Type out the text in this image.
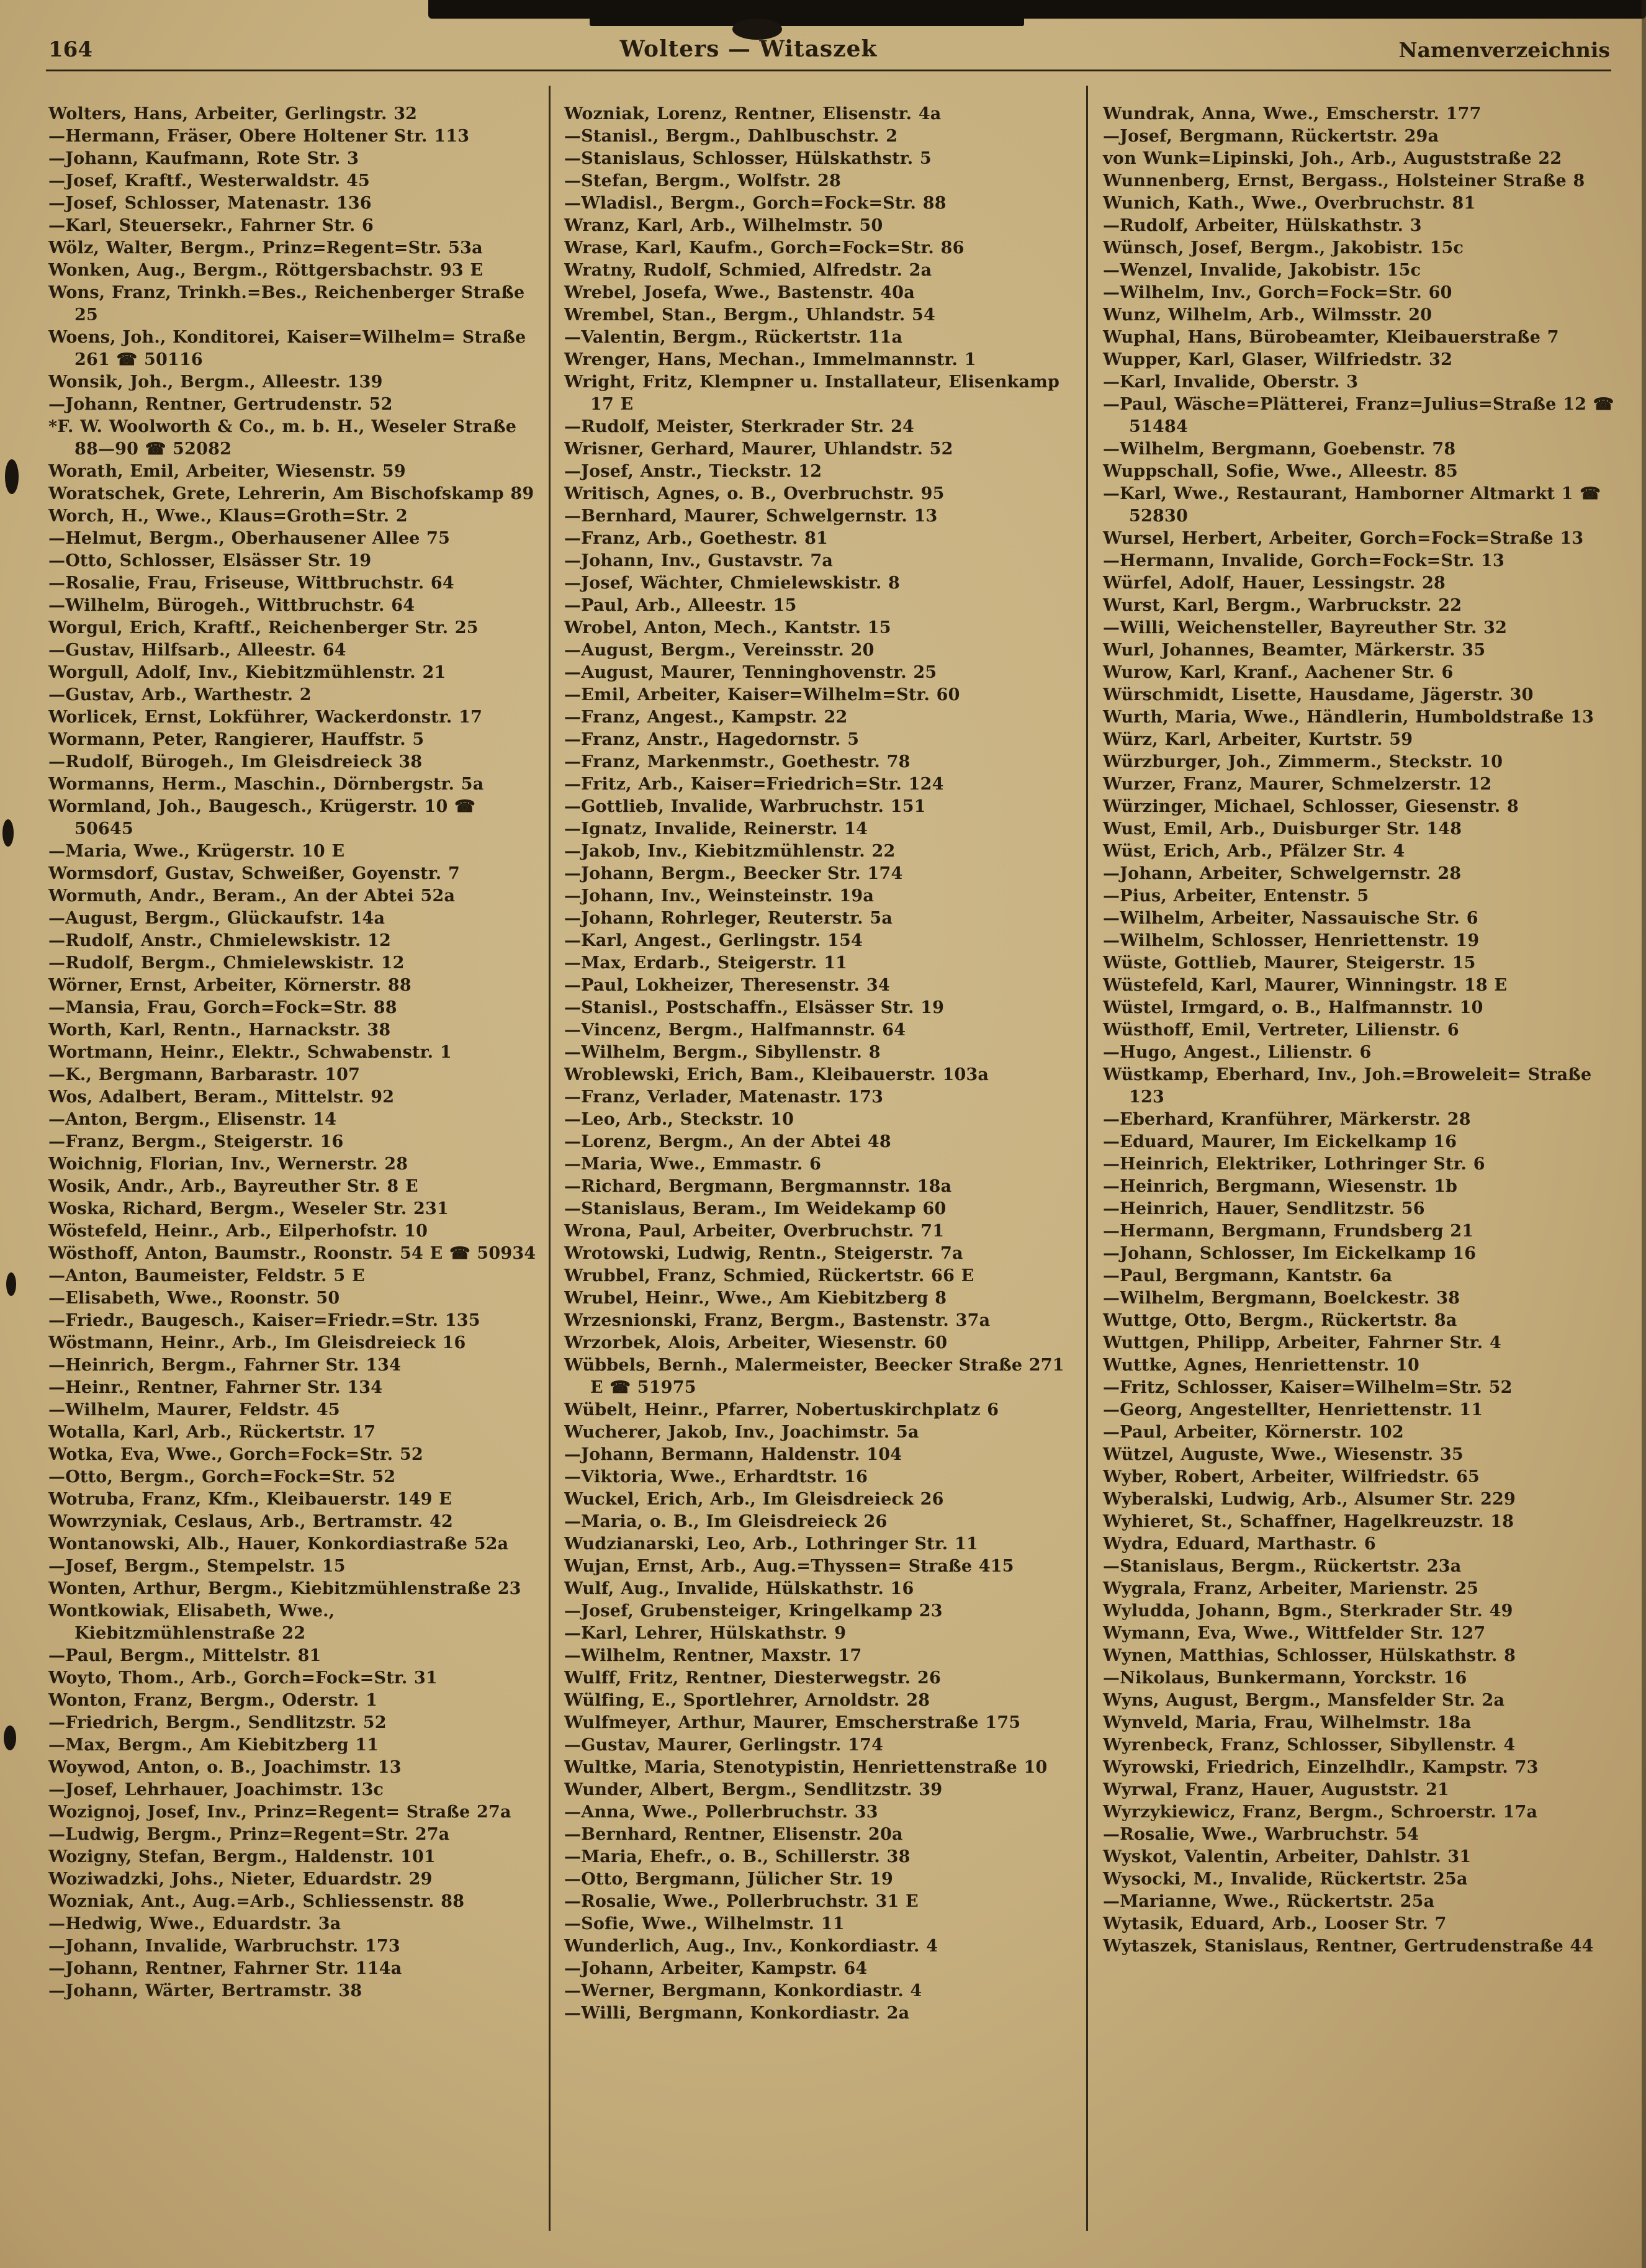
164	Wolters — Witaszek	Namenverzeichnis
Wolters, Hans, Arbeiter, Gerlingstr. 32
—Hermann, Fräser, Obere Holtener Str. 113
—Johann, Kaufmann, Rote Str. 3
—Josef, Kraftf., Westerwaldstr. 45
—Josef, Schlosser, Matenastr. 136
—Karl, Steuersekr., Fahrner Str. 6
Wölz, Walter, Bergm., Prinz=Regent=Str. 53a
Wonken, Aug., Bergm., Röttgersbachstr. 93 E
Wons, Franz, Trinkh.=Bes., Reichenberger Straße 25
Woens, Joh., Konditorei, Kaiser=Wilhelm= Straße 261 ☎ 50116
Wonsik, Joh., Bergm., Alleestr. 139
—Johann, Rentner, Gertrudenstr. 52
*F. W. Woolworth & Co., m. b. H., Weseler Straße 88—90 ☎ 52082
Worath, Emil, Arbeiter, Wiesenstr. 59
Woratschek, Grete, Lehrerin, Am Bischofskamp 89
Worch, H., Wwe., Klaus=Groth=Str. 2
—Helmut, Bergm., Oberhausener Allee 75
—Otto, Schlosser, Elsässer Str. 19
—Rosalie, Frau, Friseuse, Wittbruchstr. 64
—Wilhelm, Bürogeh., Wittbruchstr. 64
Worgul, Erich, Kraftf., Reichenberger Str. 25
—Gustav, Hilfsarb., Alleestr. 64
Worgull, Adolf, Inv., Kiebitzmühlenstr. 21
—Gustav, Arb., Warthestr. 2
Worlicek, Ernst, Lokführer, Wackerdonstr. 17
Wormann, Peter, Rangierer, Hauffstr. 5
—Rudolf, Bürogeh., Im Gleisdreieck 38
Wormanns, Herm., Maschin., Dörnbergstr. 5a
Wormland, Joh., Baugesch., Krügerstr. 10 ☎ 50645
—Maria, Wwe., Krügerstr. 10 E
Wormsdorf, Gustav, Schweißer, Goyenstr. 7
Wormuth, Andr., Beram., An der Abtei 52a
—August, Bergm., Glückaufstr. 14a
—Rudolf, Anstr., Chmielewskistr. 12
—Rudolf, Bergm., Chmielewskistr. 12
Wörner, Ernst, Arbeiter, Körnerstr. 88
—Mansia, Frau, Gorch=Fock=Str. 88
Worth, Karl, Rentn., Harnackstr. 38
Wortmann, Heinr., Elektr., Schwabenstr. 1
—K., Bergmann, Barbarastr. 107
Wos, Adalbert, Beram., Mittelstr. 92
—Anton, Bergm., Elisenstr. 14
—Franz, Bergm., Steigerstr. 16
Woichnig, Florian, Inv., Wernerstr. 28
Wosik, Andr., Arb., Bayreuther Str. 8 E
Woska, Richard, Bergm., Weseler Str. 231
Wöstefeld, Heinr., Arb., Eilperhofstr. 10
Wösthoff, Anton, Baumstr., Roonstr. 54 E ☎ 50934
—Anton, Baumeister, Feldstr. 5 E
—Elisabeth, Wwe., Roonstr. 50
—Friedr., Baugesch., Kaiser=Friedr.=Str. 135
Wöstmann, Heinr., Arb., Im Gleisdreieck 16
—Heinrich, Bergm., Fahrner Str. 134
—Heinr., Rentner, Fahrner Str. 134
—Wilhelm, Maurer, Feldstr. 45
Wotalla, Karl, Arb., Rückertstr. 17
Wotka, Eva, Wwe., Gorch=Fock=Str. 52
—Otto, Bergm., Gorch=Fock=Str. 52
Wotruba, Franz, Kfm., Kleibauerstr. 149 E
Wowrzyniak, Ceslaus, Arb., Bertramstr. 42
Wontanowski, Alb., Hauer, Konkordiastraße 52a
—Josef, Bergm., Stempelstr. 15
Wonten, Arthur, Bergm., Kiebitzmühlenstraße 23
Wontkowiak, Elisabeth, Wwe., Kiebitzmühlenstraße 22
—Paul, Bergm., Mittelstr. 81
Woyto, Thom., Arb., Gorch=Fock=Str. 31
Wonton, Franz, Bergm., Oderstr. 1
—Friedrich, Bergm., Sendlitzstr. 52
—Max, Bergm., Am Kiebitzberg 11
Woywod, Anton, o. B., Joachimstr. 13
—Josef, Lehrhauer, Joachimstr. 13c
Wozignoj, Josef, Inv., Prinz=Regent= Straße 27a
—Ludwig, Bergm., Prinz=Regent=Str. 27a
Wozigny, Stefan, Bergm., Haldenstr. 101
Woziwadzki, Johs., Nieter, Eduardstr. 29
Wozniak, Ant., Aug.=Arb., Schliessenstr. 88
—Hedwig, Wwe., Eduardstr. 3a
—Johann, Invalide, Warbruchstr. 173
—Johann, Rentner, Fahrner Str. 114a
—Johann, Wärter, Bertramstr. 38
Wozniak, Lorenz, Rentner, Elisenstr. 4a
—Stanisl., Bergm., Dahlbuschstr. 2
—Stanislaus, Schlosser, Hülskathstr. 5
—Stefan, Bergm., Wolfstr. 28
—Wladisl., Bergm., Gorch=Fock=Str. 88
Wranz, Karl, Arb., Wilhelmstr. 50
Wrase, Karl, Kaufm., Gorch=Fock=Str. 86
Wratny, Rudolf, Schmied, Alfredstr. 2a
Wrebel, Josefa, Wwe., Bastenstr. 40a
Wrembel, Stan., Bergm., Uhlandstr. 54
—Valentin, Bergm., Rückertstr. 11a
Wrenger, Hans, Mechan., Immelmannstr. 1
Wright, Fritz, Klempner u. Installateur, Elisenkamp 17 E
—Rudolf, Meister, Sterkrader Str. 24
Wrisner, Gerhard, Maurer, Uhlandstr. 52
—Josef, Anstr., Tieckstr. 12
Writisch, Agnes, o. B., Overbruchstr. 95
—Bernhard, Maurer, Schwelgernstr. 13
—Franz, Arb., Goethestr. 81
—Johann, Inv., Gustavstr. 7a
—Josef, Wächter, Chmielewskistr. 8
—Paul, Arb., Alleestr. 15
Wrobel, Anton, Mech., Kantstr. 15
—August, Bergm., Vereinsstr. 20
—August, Maurer, Tenninghovenstr. 25
—Emil, Arbeiter, Kaiser=Wilhelm=Str. 60
—Franz, Angest., Kampstr. 22
—Franz, Anstr., Hagedornstr. 5
—Franz, Markenmstr., Goethestr. 78
—Fritz, Arb., Kaiser=Friedrich=Str. 124
—Gottlieb, Invalide, Warbruchstr. 151
—Ignatz, Invalide, Reinerstr. 14
—Jakob, Inv., Kiebitzmühlenstr. 22
—Johann, Bergm., Beecker Str. 174
—Johann, Inv., Weinsteinstr. 19a
—Johann, Rohrleger, Reuterstr. 5a
—Karl, Angest., Gerlingstr. 154
—Max, Erdarb., Steigerstr. 11
—Paul, Lokheizer, Theresenstr. 34
—Stanisl., Postschaffn., Elsässer Str. 19
—Vincenz, Bergm., Halfmannstr. 64
—Wilhelm, Bergm., Sibyllenstr. 8
Wroblewski, Erich, Bam., Kleibauerstr. 103a
—Franz, Verlader, Matenastr. 173
—Leo, Arb., Steckstr. 10
—Lorenz, Bergm., An der Abtei 48
—Maria, Wwe., Emmastr. 6
—Richard, Bergmann, Bergmannstr. 18a
—Stanislaus, Beram., Im Weidekamp 60
Wrona, Paul, Arbeiter, Overbruchstr. 71
Wrotowski, Ludwig, Rentn., Steigerstr. 7a
Wrubbel, Franz, Schmied, Rückertstr. 66 E
Wrubel, Heinr., Wwe., Am Kiebitzberg 8
Wrzesnionski, Franz, Bergm., Bastenstr. 37a
Wrzorbek, Alois, Arbeiter, Wiesenstr. 60
Wübbels, Bernh., Malermeister, Beecker Straße 271 E ☎ 51975
Wübelt, Heinr., Pfarrer, Nobertuskirchplatz 6
Wucherer, Jakob, Inv., Joachimstr. 5a
—Johann, Bermann, Haldenstr. 104
—Viktoria, Wwe., Erhardtstr. 16
Wuckel, Erich, Arb., Im Gleisdreieck 26
—Maria, o. B., Im Gleisdreieck 26
Wudzianarski, Leo, Arb., Lothringer Str. 11
Wujan, Ernst, Arb., Aug.=Thyssen= Straße 415
Wulf, Aug., Invalide, Hülskathstr. 16
—Josef, Grubensteiger, Kringelkamp 23
—Karl, Lehrer, Hülskathstr. 9
—Wilhelm, Rentner, Maxstr. 17
Wulff, Fritz, Rentner, Diesterwegstr. 26
Wülfing, E., Sportlehrer, Arnoldstr. 28
Wulfmeyer, Arthur, Maurer, Emscherstraße 175
—Gustav, Maurer, Gerlingstr. 174
Wultke, Maria, Stenotypistin, Henriettenstraße 10
Wunder, Albert, Bergm., Sendlitzstr. 39
—Anna, Wwe., Pollerbruchstr. 33
—Bernhard, Rentner, Elisenstr. 20a
—Maria, Ehefr., o. B., Schillerstr. 38
—Otto, Bergmann, Jülicher Str. 19
—Rosalie, Wwe., Pollerbruchstr. 31 E
—Sofie, Wwe., Wilhelmstr. 11
Wunderlich, Aug., Inv., Konkordiastr. 4
—Johann, Arbeiter, Kampstr. 64
—Werner, Bergmann, Konkordiastr. 4
—Willi, Bergmann, Konkordiastr. 2a
Wundrak, Anna, Wwe., Emscherstr. 177
—Josef, Bergmann, Rückertstr. 29a
von Wunk=Lipinski, Joh., Arb., Auguststraße 22
Wunnenberg, Ernst, Bergass., Holsteiner Straße 8
Wunich, Kath., Wwe., Overbruchstr. 81
—Rudolf, Arbeiter, Hülskathstr. 3
Wünsch, Josef, Bergm., Jakobistr. 15c
—Wenzel, Invalide, Jakobistr. 15c
—Wilhelm, Inv., Gorch=Fock=Str. 60
Wunz, Wilhelm, Arb., Wilmsstr. 20
Wuphal, Hans, Bürobeamter, Kleibauerstraße 7
Wupper, Karl, Glaser, Wilfriedstr. 32
—Karl, Invalide, Oberstr. 3
—Paul, Wäsche=Plätterei, Franz=Julius=Straße 12 ☎ 51484
—Wilhelm, Bergmann, Goebenstr. 78
Wuppschall, Sofie, Wwe., Alleestr. 85
—Karl, Wwe., Restaurant, Hamborner Altmarkt 1 ☎ 52830
Wursel, Herbert, Arbeiter, Gorch=Fock=Straße 13
—Hermann, Invalide, Gorch=Fock=Str. 13
Würfel, Adolf, Hauer, Lessingstr. 28
Wurst, Karl, Bergm., Warbruckstr. 22
—Willi, Weichensteller, Bayreuther Str. 32
Wurl, Johannes, Beamter, Märkerstr. 35
Wurow, Karl, Kranf., Aachener Str. 6
Würschmidt, Lisette, Hausdame, Jägerstr. 30
Wurth, Maria, Wwe., Händlerin, Humboldstraße 13
Würz, Karl, Arbeiter, Kurtstr. 59
Würzburger, Joh., Zimmerm., Steckstr. 10
Wurzer, Franz, Maurer, Schmelzerstr. 12
Würzinger, Michael, Schlosser, Giesenstr. 8
Wust, Emil, Arb., Duisburger Str. 148
Wüst, Erich, Arb., Pfälzer Str. 4
—Johann, Arbeiter, Schwelgernstr. 28
—Pius, Arbeiter, Entenstr. 5
—Wilhelm, Arbeiter, Nassauische Str. 6
—Wilhelm, Schlosser, Henriettenstr. 19
Wüste, Gottlieb, Maurer, Steigerstr. 15
Wüstefeld, Karl, Maurer, Winningstr. 18 E
Wüstel, Irmgard, o. B., Halfmannstr. 10
Wüsthoff, Emil, Vertreter, Lilienstr. 6
—Hugo, Angest., Lilienstr. 6
Wüstkamp, Eberhard, Inv., Joh.=Broweleit= Straße 123
—Eberhard, Kranführer, Märkerstr. 28
—Eduard, Maurer, Im Eickelkamp 16
—Heinrich, Elektriker, Lothringer Str. 6
—Heinrich, Bergmann, Wiesenstr. 1b
—Heinrich, Hauer, Sendlitzstr. 56
—Hermann, Bergmann, Frundsberg 21
—Johann, Schlosser, Im Eickelkamp 16
—Paul, Bergmann, Kantstr. 6a
—Wilhelm, Bergmann, Boelckestr. 38
Wuttge, Otto, Bergm., Rückertstr. 8a
Wuttgen, Philipp, Arbeiter, Fahrner Str. 4
Wuttke, Agnes, Henriettenstr. 10
—Fritz, Schlosser, Kaiser=Wilhelm=Str. 52
—Georg, Angestellter, Henriettenstr. 11
—Paul, Arbeiter, Körnerstr. 102
Wützel, Auguste, Wwe., Wiesenstr. 35
Wyber, Robert, Arbeiter, Wilfriedstr. 65
Wyberalski, Ludwig, Arb., Alsumer Str. 229
Wyhieret, St., Schaffner, Hagelkreuzstr. 18
Wydra, Eduard, Marthastr. 6
—Stanislaus, Bergm., Rückertstr. 23a
Wygrala, Franz, Arbeiter, Marienstr. 25
Wyludda, Johann, Bgm., Sterkrader Str. 49
Wymann, Eva, Wwe., Wittfelder Str. 127
Wynen, Matthias, Schlosser, Hülskathstr. 8
—Nikolaus, Bunkermann, Yorckstr. 16
Wyns, August, Bergm., Mansfelder Str. 2a
Wynveld, Maria, Frau, Wilhelmstr. 18a
Wyrenbeck, Franz, Schlosser, Sibyllenstr. 4
Wyrowski, Friedrich, Einzelhdlr., Kampstr. 73
Wyrwal, Franz, Hauer, Auguststr. 21
Wyrzykiewicz, Franz, Bergm., Schroerstr. 17a
—Rosalie, Wwe., Warbruchstr. 54
Wyskot, Valentin, Arbeiter, Dahlstr. 31
Wysocki, M., Invalide, Rückertstr. 25a
—Marianne, Wwe., Rückertstr. 25a
Wytasik, Eduard, Arb., Looser Str. 7
Wytaszek, Stanislaus, Rentner, Gertrudenstraße 44
